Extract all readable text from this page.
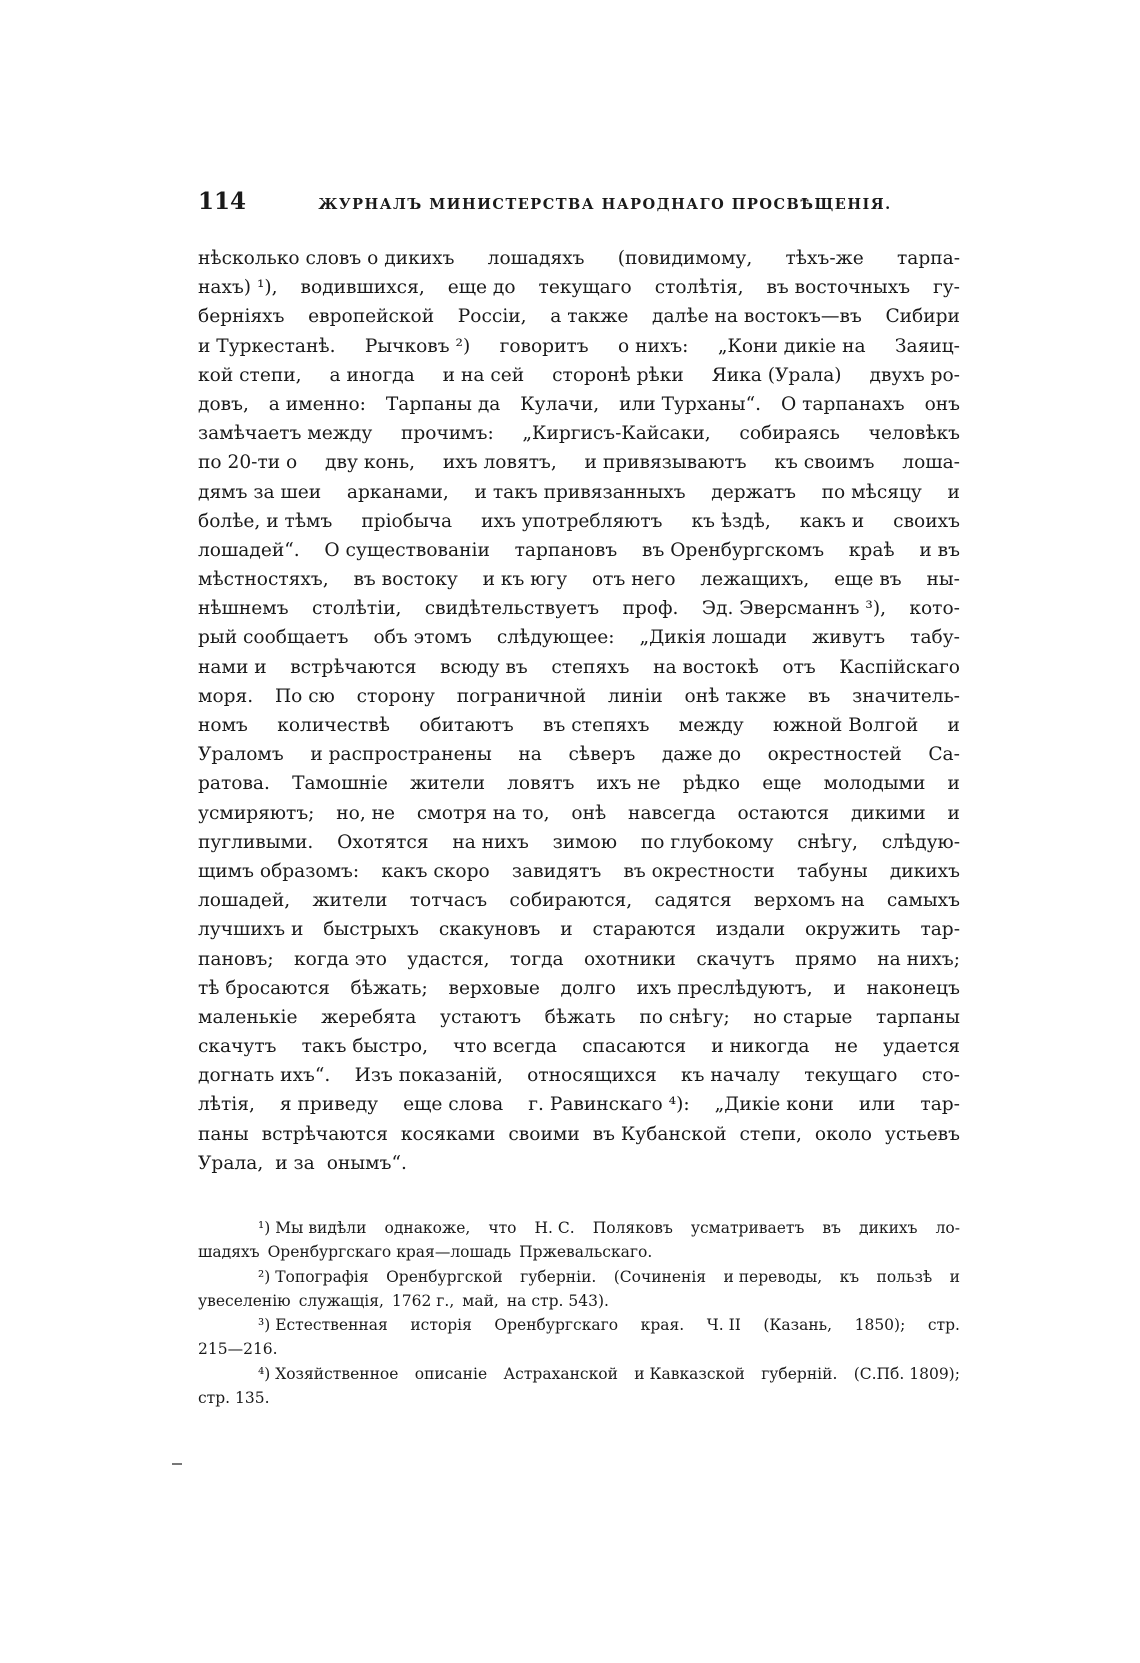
114	ЖУРНАЛЪ МИНИСТЕРСТВА НАРОДНАГО ПРОСВѢЩЕНІЯ.
нѣсколько словъ о дикихъ лошадяхъ (повидимому, тѣхъ-же тарпа-
нахъ) ¹), водившихся, еще до текущаго столѣтія, въ восточныхъ гу-
берніяхъ европейской Россіи, а также далѣе на востокъ—въ Сибири
и Туркестанѣ. Рычковъ ²) говоритъ о нихъ: „Кони дикіе на Заяиц-
кой степи, а иногда и на сей сторонѣ рѣки Яика (Урала) двухъ ро-
довъ, а именно: Тарпаны да Кулачи, или Турханы“. О тарпанахъ онъ
замѣчаетъ между прочимъ: „Киргисъ-Кайсаки, собираясь человѣкъ
по 20-ти о дву конь, ихъ ловятъ, и привязываютъ къ своимъ лоша-
дямъ за шеи арканами, и такъ привязанныхъ держатъ по мѣсяцу и
болѣе, и тѣмъ пріобыча ихъ употребляютъ къ ѣздѣ, какъ и своихъ
лошадей“. О существованіи тарпановъ въ Оренбургскомъ краѣ и въ
мѣстностяхъ, въ востоку и къ югу отъ него лежащихъ, еще въ ны-
нѣшнемъ столѣтіи, свидѣтельствуетъ проф. Эд. Эверсманнъ ³), кото-
рый сообщаетъ объ этомъ слѣдующее: „Дикія лошади живутъ табу-
нами и встрѣчаются всюду въ степяхъ на востокѣ отъ Каспійскаго
моря. По сю сторону пограничной линіи онѣ также въ значитель-
номъ количествѣ обитаютъ въ степяхъ между южной Волгой и
Ураломъ и распространены на сѣверъ даже до окрестностей Са-
ратова. Тамошніе жители ловятъ ихъ не рѣдко еще молодыми и
усмиряютъ; но, не смотря на то, онѣ навсегда остаются дикими и
пугливыми. Охотятся на нихъ зимою по глубокому снѣгу, слѣдую-
щимъ образомъ: какъ скоро завидятъ въ окрестности табуны дикихъ
лошадей, жители тотчасъ собираются, садятся верхомъ на самыхъ
лучшихъ и быстрыхъ скакуновъ и стараются издали окружить тар-
пановъ; когда это удастся, тогда охотники скачутъ прямо на нихъ;
тѣ бросаются бѣжать; верховые долго ихъ преслѣдуютъ, и наконецъ
маленькіе жеребята устаютъ бѣжать по снѣгу; но старые тарпаны
скачутъ такъ быстро, что всегда спасаются и никогда не удается
догнать ихъ“. Изъ показаній, относящихся къ началу текущаго сто-
лѣтія, я приведу еще слова г. Равинскаго ⁴): „Дикіе кони или тар-
паны встрѣчаются косяками своими въ Кубанской степи, около устьевъ
Урала, и за онымъ“.
¹) Мы видѣли однакоже, что Н. С. Поляковъ усматриваетъ въ дикихъ ло-
шадяхъ Оренбургскаго края—лошадь Пржевальскаго.
²) Топографія Оренбургской губерніи. (Сочиненія и переводы, къ пользѣ и
увеселенію служащія, 1762 г., май, на стр. 543).
³) Естественная исторія Оренбургскаго края. Ч. II (Казань, 1850); стр.
215—216.
⁴) Хозяйственное описаніе Астраханской и Кавказской губерній. (С.Пб. 1809);
стр. 135.
